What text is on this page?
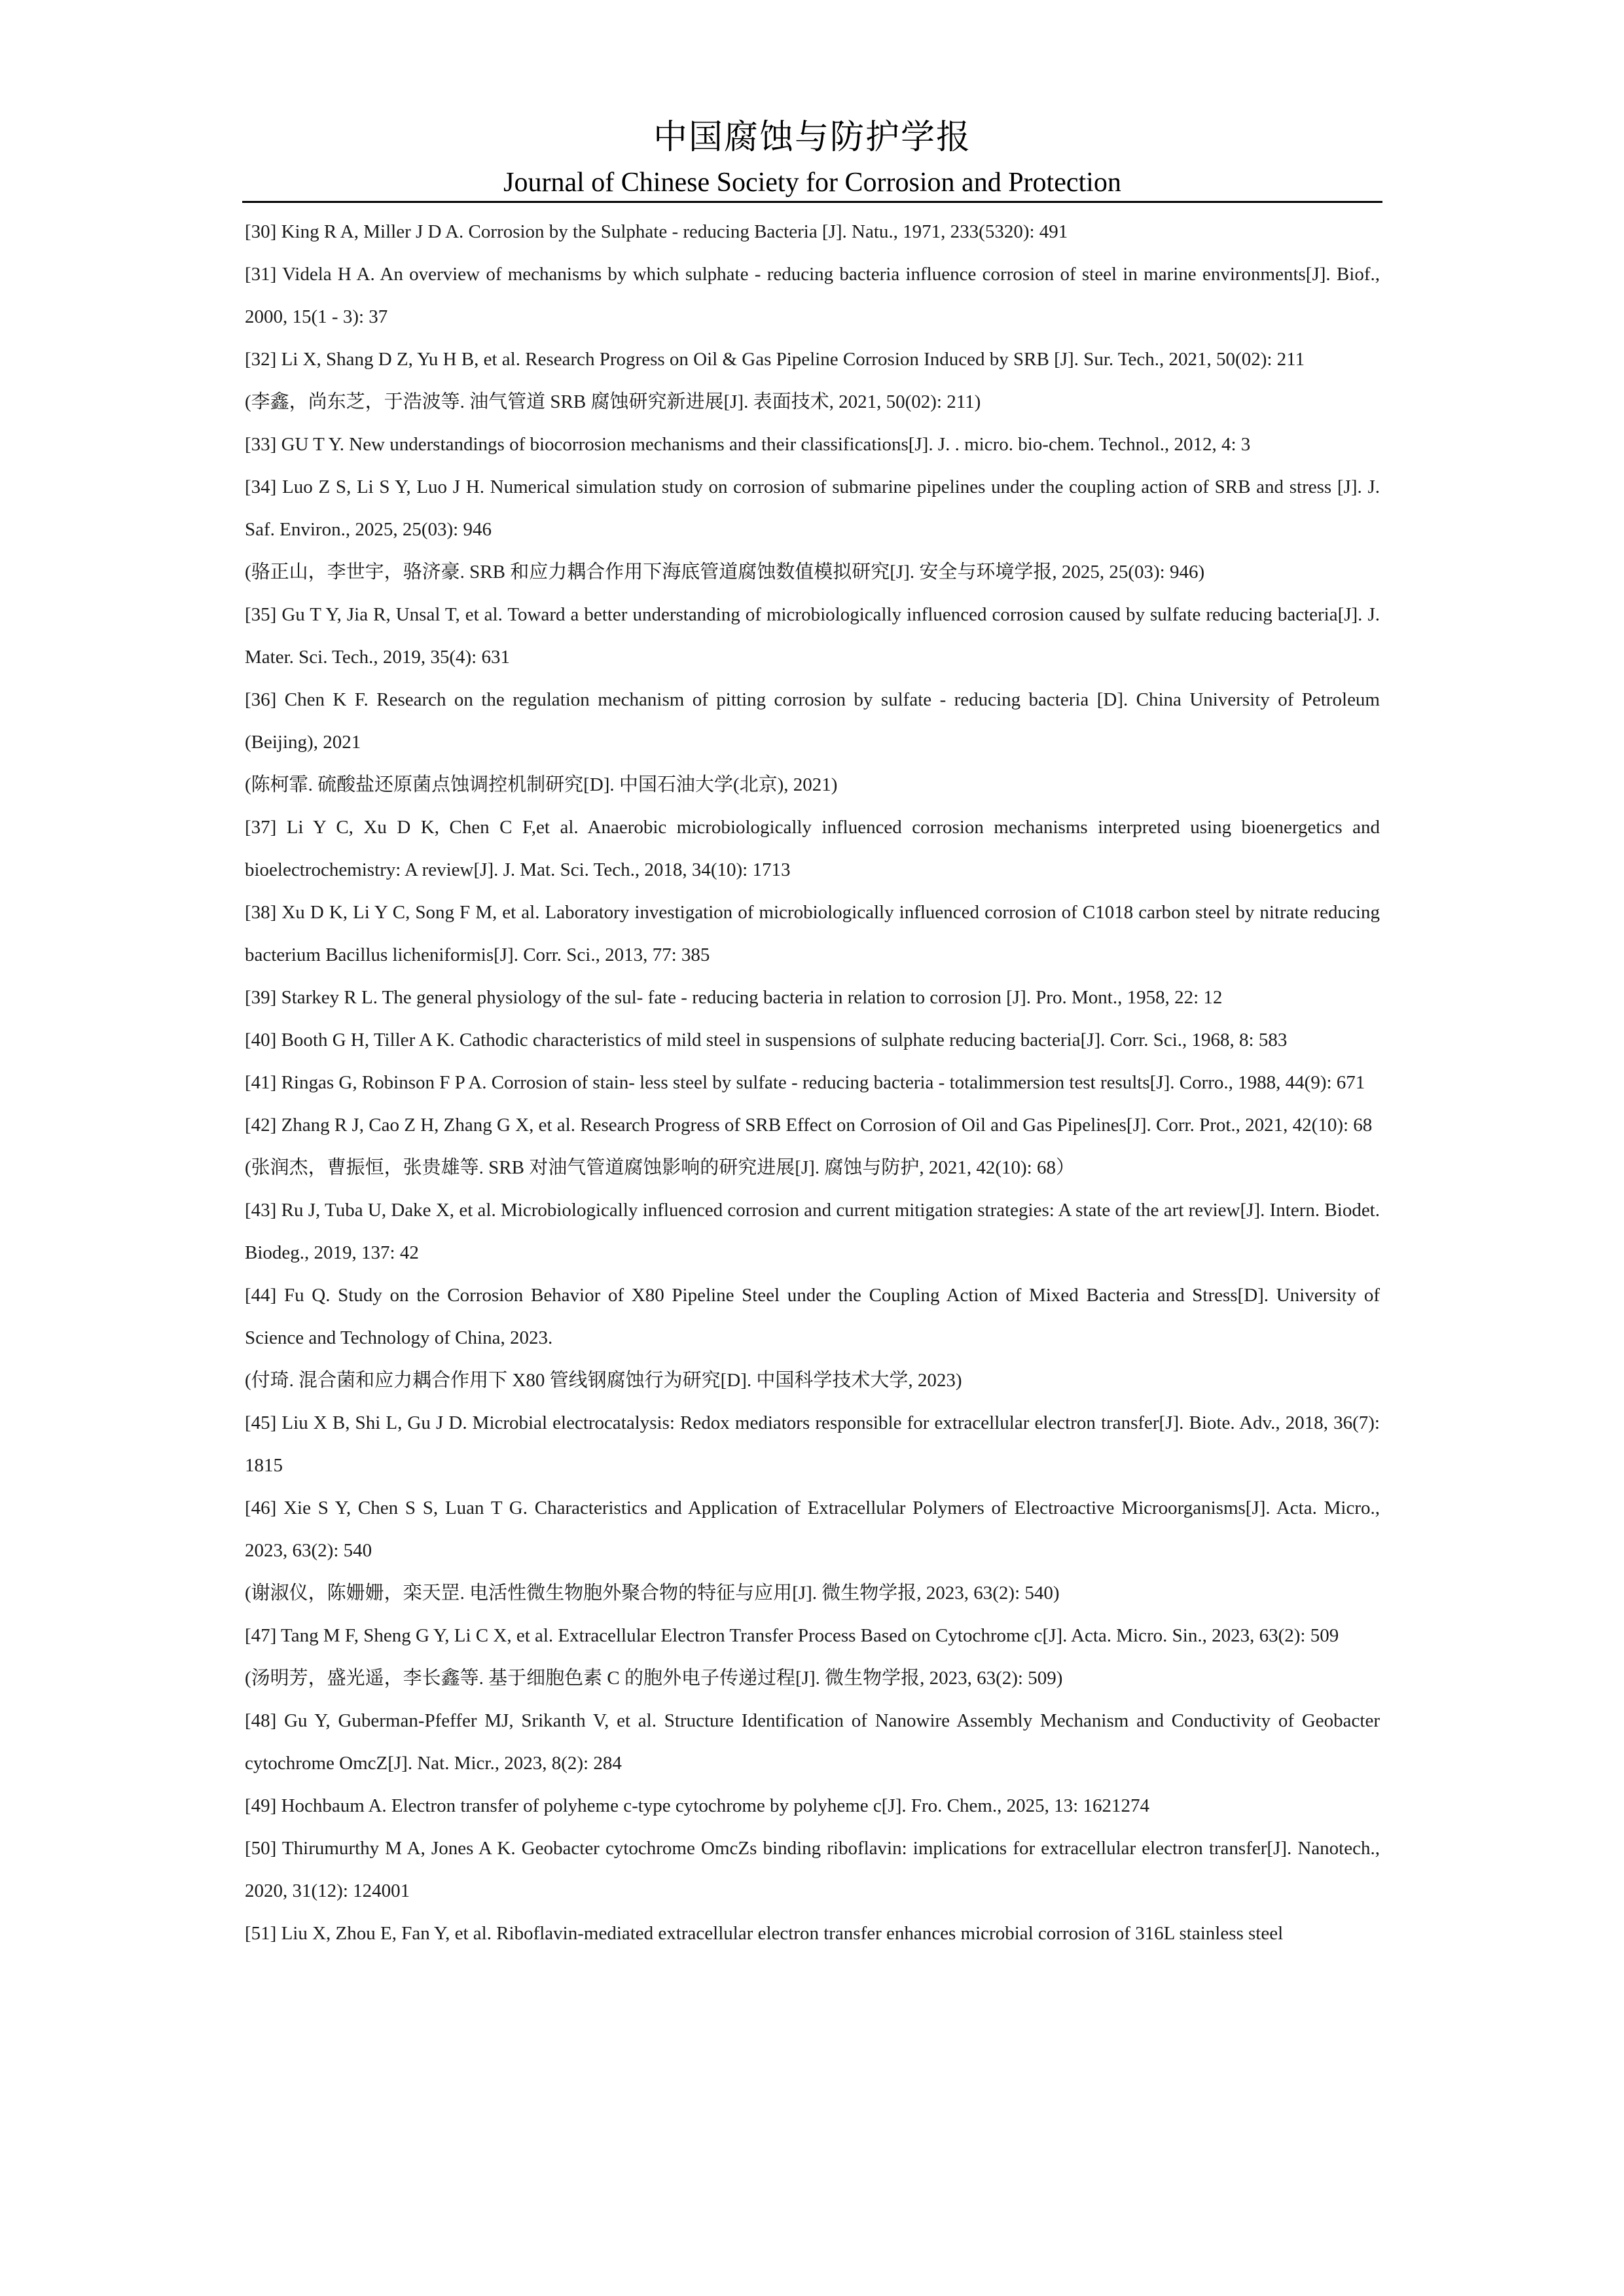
中国腐蚀与防护学报
Journal of Chinese Society for Corrosion and Protection

[30] King R A, Miller J D A. Corrosion by the Sulphate - reducing Bacteria [J]. Natu., 1971, 233(5320): 491

[31] Videla H A. An overview of mechanisms by which sulphate - reducing bacteria influence corrosion of steel in marine environments[J]. Biof., 2000, 15(1 - 3): 37

[32] Li X, Shang D Z, Yu H B, et al. Research Progress on Oil & Gas Pipeline Corrosion Induced by SRB [J]. Sur. Tech., 2021, 50(02): 211

(李鑫，尚东芝，于浩波等. 油气管道 SRB 腐蚀研究新进展[J]. 表面技术, 2021, 50(02): 211)

[33] GU T Y. New understandings of biocorrosion mechanisms and their classifications[J]. J. . micro. bio-chem. Technol., 2012, 4: 3

[34] Luo Z S, Li S Y, Luo J H. Numerical simulation study on corrosion of submarine pipelines under the coupling action of SRB and stress [J]. J. Saf. Environ., 2025, 25(03): 946

(骆正山，李世宇，骆济豪. SRB 和应力耦合作用下海底管道腐蚀数值模拟研究[J]. 安全与环境学报, 2025, 25(03): 946)

[35] Gu T Y, Jia R, Unsal T, et al. Toward a better understanding of microbiologically influenced corrosion caused by sulfate reducing bacteria[J]. J. Mater. Sci. Tech., 2019, 35(4): 631

[36] Chen K F. Research on the regulation mechanism of pitting corrosion by sulfate - reducing bacteria [D]. China University of Petroleum (Beijing), 2021

(陈柯霏. 硫酸盐还原菌点蚀调控机制研究[D]. 中国石油大学(北京), 2021)

[37] Li Y C, Xu D K, Chen C F,et al. Anaerobic microbiologically influenced corrosion mechanisms interpreted using bioenergetics and bioelectrochemistry: A review[J]. J. Mat. Sci. Tech., 2018, 34(10): 1713

[38] Xu D K, Li Y C, Song F M, et al. Laboratory investigation of microbiologically influenced corrosion of C1018 carbon steel by nitrate reducing bacterium Bacillus licheniformis[J]. Corr. Sci., 2013, 77: 385

[39] Starkey R L. The general physiology of the sul- fate - reducing bacteria in relation to corrosion [J]. Pro. Mont., 1958, 22: 12

[40] Booth G H, Tiller A K. Cathodic characteristics of mild steel in suspensions of sulphate reducing bacteria[J]. Corr. Sci., 1968, 8: 583

[41] Ringas G, Robinson F P A. Corrosion of stain- less steel by sulfate - reducing bacteria - totalimmersion test results[J]. Corro., 1988, 44(9): 671

[42] Zhang R J, Cao Z H, Zhang G X, et al. Research Progress of SRB Effect on Corrosion of Oil and Gas Pipelines[J]. Corr. Prot., 2021, 42(10): 68

(张润杰，曹振恒，张贵雄等. SRB 对油气管道腐蚀影响的研究进展[J]. 腐蚀与防护, 2021, 42(10): 68）

[43] Ru J, Tuba U, Dake X, et al. Microbiologically influenced corrosion and current mitigation strategies: A state of the art review[J]. Intern. Biodet. Biodeg., 2019, 137: 42

[44] Fu Q. Study on the Corrosion Behavior of X80 Pipeline Steel under the Coupling Action of Mixed Bacteria and Stress[D]. University of Science and Technology of China, 2023.

(付琦. 混合菌和应力耦合作用下 X80 管线钢腐蚀行为研究[D]. 中国科学技术大学, 2023)

[45] Liu X B, Shi L, Gu J D. Microbial electrocatalysis: Redox mediators responsible for extracellular electron transfer[J]. Biote. Adv., 2018, 36(7): 1815

[46] Xie S Y, Chen S S, Luan T G. Characteristics and Application of Extracellular Polymers of Electroactive Microorganisms[J]. Acta. Micro., 2023, 63(2): 540

(谢淑仪，陈姗姗，栾天罡. 电活性微生物胞外聚合物的特征与应用[J]. 微生物学报, 2023, 63(2): 540)

[47] Tang M F, Sheng G Y, Li C X, et al. Extracellular Electron Transfer Process Based on Cytochrome c[J]. Acta. Micro. Sin., 2023, 63(2): 509

(汤明芳，盛光遥，李长鑫等. 基于细胞色素 C 的胞外电子传递过程[J]. 微生物学报, 2023, 63(2): 509)

[48] Gu Y, Guberman-Pfeffer MJ, Srikanth V, et al. Structure Identification of Nanowire Assembly Mechanism and Conductivity of Geobacter cytochrome OmcZ[J]. Nat. Micr., 2023, 8(2): 284

[49] Hochbaum A. Electron transfer of polyheme c-type cytochrome by polyheme c[J]. Fro. Chem., 2025, 13: 1621274

[50] Thirumurthy M A, Jones A K. Geobacter cytochrome OmcZs binding riboflavin: implications for extracellular electron transfer[J]. Nanotech., 2020, 31(12): 124001

[51] Liu X, Zhou E, Fan Y, et al. Riboflavin-mediated extracellular electron transfer enhances microbial corrosion of 316L stainless steel
